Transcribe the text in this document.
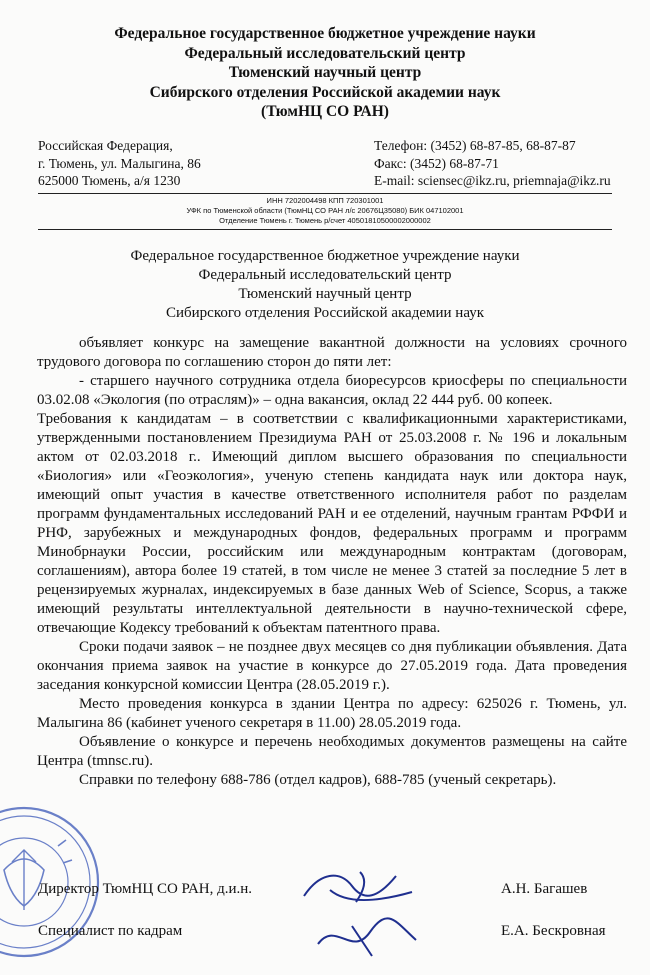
Федеральное государственное бюджетное учреждение науки
Федеральный исследовательский центр
Тюменский научный центр
Сибирского отделения Российской академии наук
(ТюмНЦ СО РАН)
Российская Федерация,
г. Тюмень, ул. Малыгина, 86
625000 Тюмень, а/я 1230
Телефон: (3452) 68-87-85, 68-87-87
Факс: (3452) 68-87-71
E-mail: sciensec@ikz.ru, priemnaja@ikz.ru
ИНН 7202004498 КПП 720301001
УФК по Тюменской области (ТюмНЦ СО РАН л/с 20676Ц35080) БИК 047102001
Отделение Тюмень г. Тюмень р/счет 40501810500002000002
Федеральное государственное бюджетное учреждение науки
Федеральный исследовательский центр
Тюменский научный центр
Сибирского отделения Российской академии наук

объявляет конкурс на замещение вакантной должности на условиях срочного трудового договора по соглашению сторон до пяти лет:

- старшего научного сотрудника отдела биоресурсов криосферы по специальности 03.02.08 «Экология (по отраслям)» – одна вакансия, оклад 22 444 руб. 00 копеек.

Требования к кандидатам – в соответствии с квалификационными характеристиками, утвержденными постановлением Президиума РАН от 25.03.2008 г. № 196 и локальным актом от 02.03.2018 г.. Имеющий диплом высшего образования по специальности «Биология» или «Геоэкология», ученую степень кандидата наук или доктора наук, имеющий опыт участия в качестве ответственного исполнителя работ по разделам программ фундаментальных исследований РАН и ее отделений, научным грантам РФФИ и РНФ, зарубежных и международных фондов, федеральных программ и программ Минобрнауки России, российским или международным контрактам (договорам, соглашениям), автора более 19 статей, в том числе не менее 3 статей за последние 5 лет в рецензируемых журналах, индексируемых в базе данных Web of Science, Scopus, а также имеющий результаты интеллектуальной деятельности в научно-технической сфере, отвечающие Кодексу требований к объектам патентного права.

Сроки подачи заявок – не позднее двух месяцев со дня публикации объявления. Дата окончания приема заявок на участие в конкурсе до 27.05.2019 года. Дата проведения заседания конкурсной комиссии Центра (28.05.2019 г.).

Место проведения конкурса в здании Центра по адресу: 625026 г. Тюмень, ул. Малыгина 86 (кабинет ученого секретаря в 11.00) 28.05.2019 года.

Объявление о конкурсе и перечень необходимых документов размещены на сайте Центра (tmnsc.ru).

Справки по телефону 688-786 (отдел кадров), 688-785 (ученый секретарь).

Директор ТюмНЦ СО РАН, д.и.н.	А.Н. Багашев
Специалист по кадрам	Е.А. Бескровная
